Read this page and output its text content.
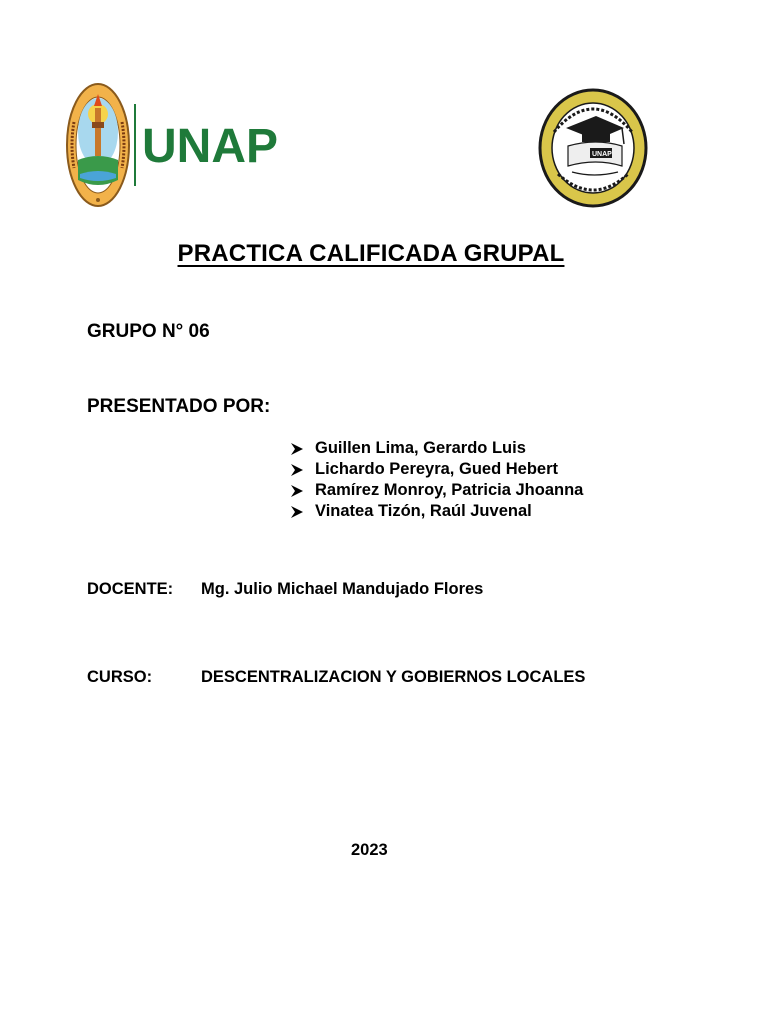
UNAP	UNAP
PRACTICA CALIFICADA GRUPAL
GRUPO N° 06
PRESENTADO POR:
Guillen Lima, Gerardo Luis
Lichardo Pereyra, Gued Hebert
Ramírez Monroy, Patricia Jhoanna
Vinatea Tizón, Raúl Juvenal
DOCENTE:	Mg. Julio Michael Mandujado Flores
CURSO:	DESCENTRALIZACION Y GOBIERNOS LOCALES
2023
